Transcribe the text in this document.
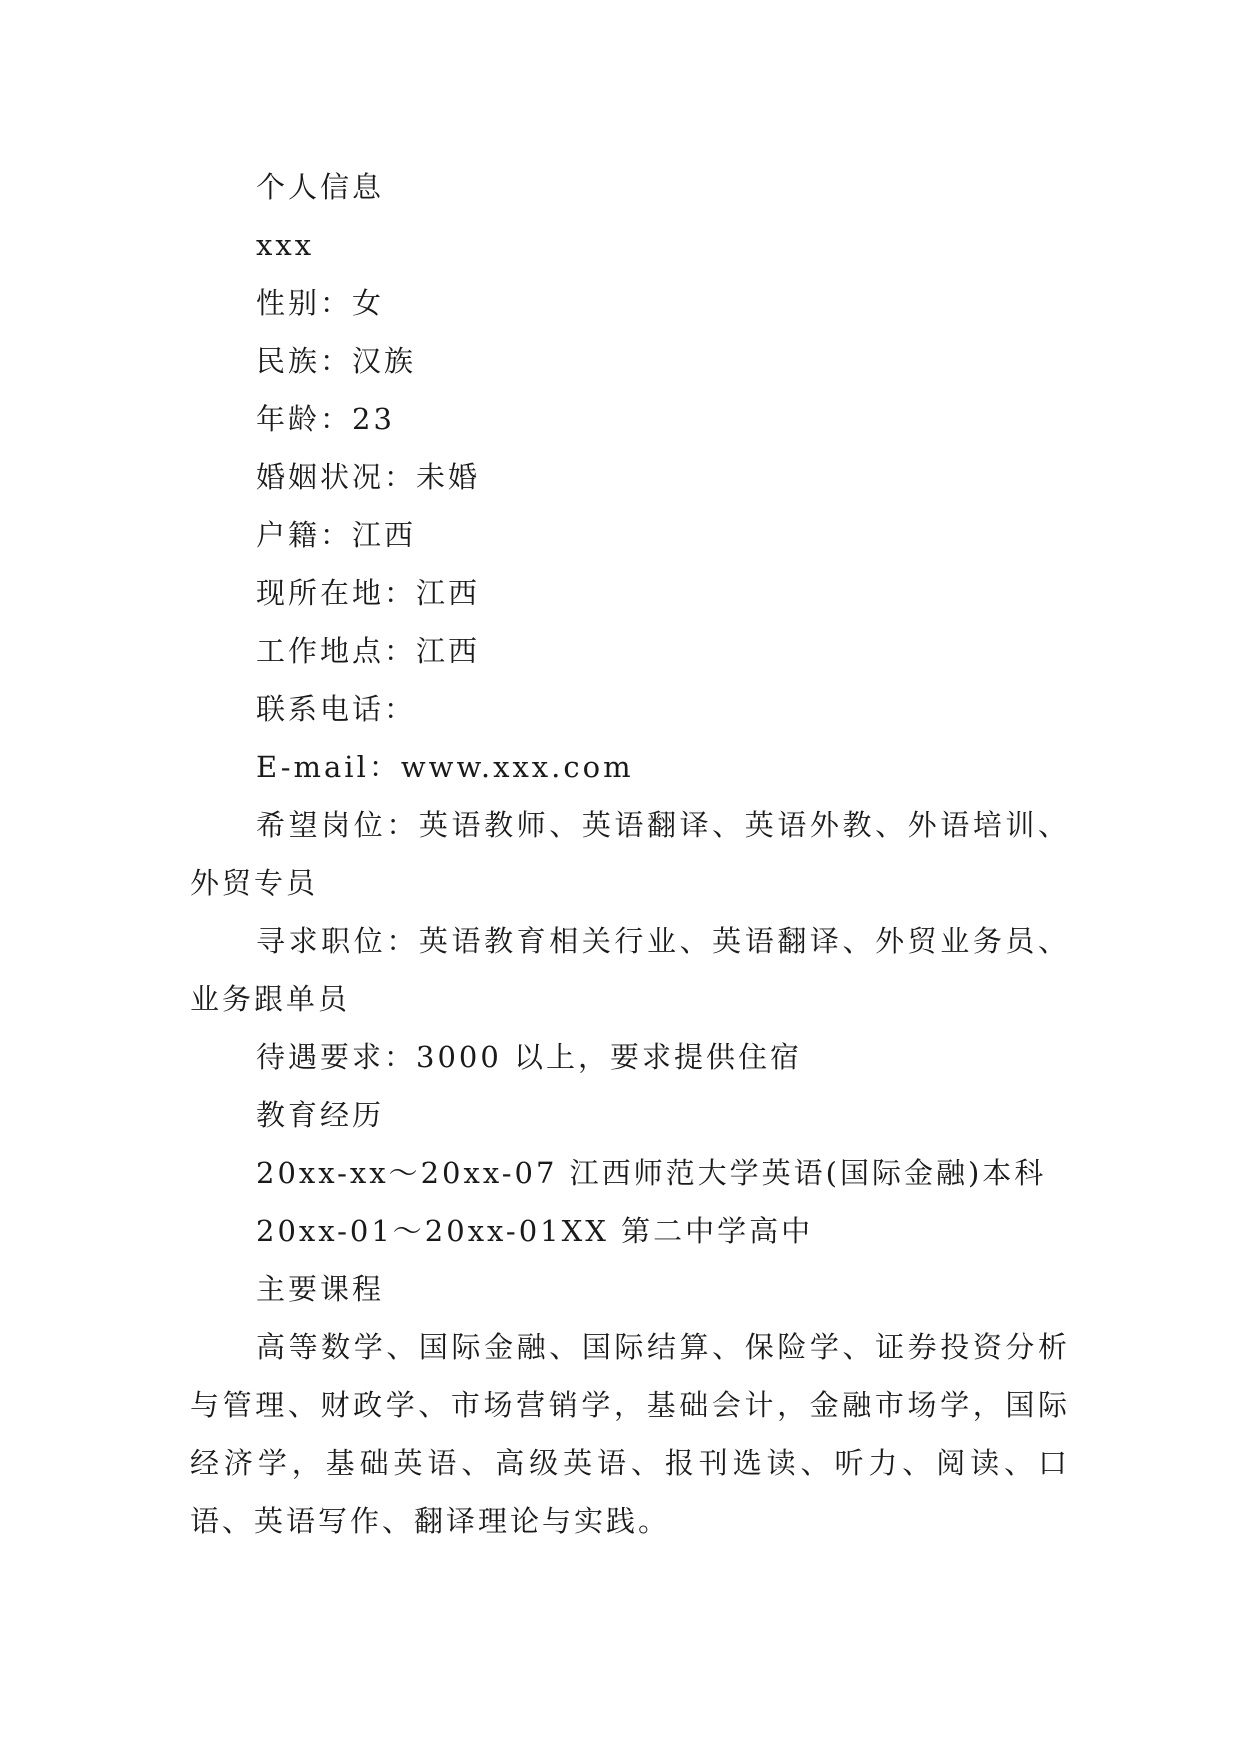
个人信息
xxx
性别：女
民族：汉族
年龄：23
婚姻状况：未婚
户籍：江西
现所在地：江西
工作地点：江西
联系电话：
E-mail：www.xxx.com
希望岗位：英语教师、英语翻译、英语外教、外语培训、外贸专员
寻求职位：英语教育相关行业、英语翻译、外贸业务员、业务跟单员
待遇要求：3000 以上，要求提供住宿
教育经历
20xx-xx～20xx-07 江西师范大学英语(国际金融)本科
20xx-01～20xx-01XX 第二中学高中
主要课程
高等数学、国际金融、国际结算、保险学、证券投资分析与管理、财政学、市场营销学，基础会计，金融市场学，国际经济学，基础英语、高级英语、报刊选读、听力、阅读、口语、英语写作、翻译理论与实践。
